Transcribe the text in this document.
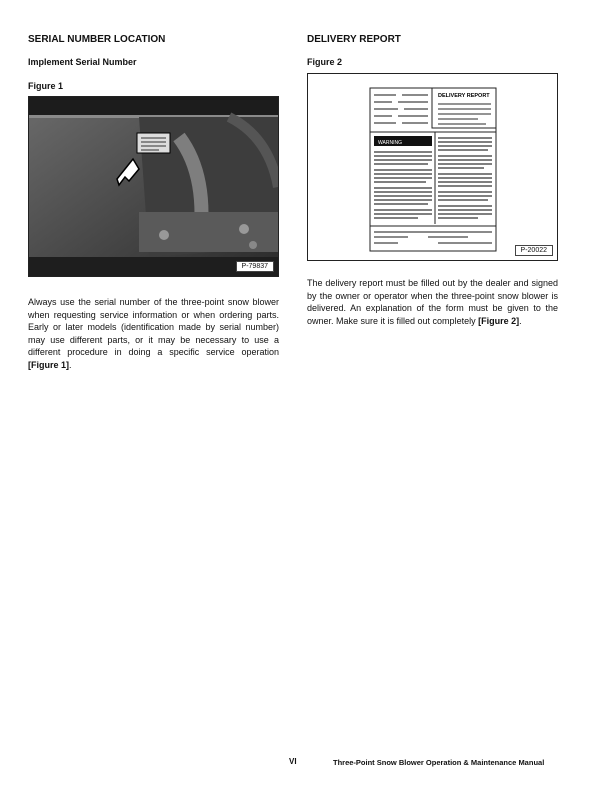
SERIAL NUMBER LOCATION
Implement Serial Number
Figure 1
P-79837

Always use the serial number of the three-point snow blower when requesting service information or when ordering parts. Early or later models (identification made by serial number) may use different parts, or it may be necessary to use a different procedure in doing a specific service operation [Figure 1].

DELIVERY REPORT
Figure 2
DELIVERY REPORT
WARNING
P-20022

The delivery report must be filled out by the dealer and signed by the owner or operator when the three-point snow blower is delivered. An explanation of the form must be given to the owner. Make sure it is filled out completely [Figure 2].

VI	Three-Point Snow Blower Operation & Maintenance Manual
